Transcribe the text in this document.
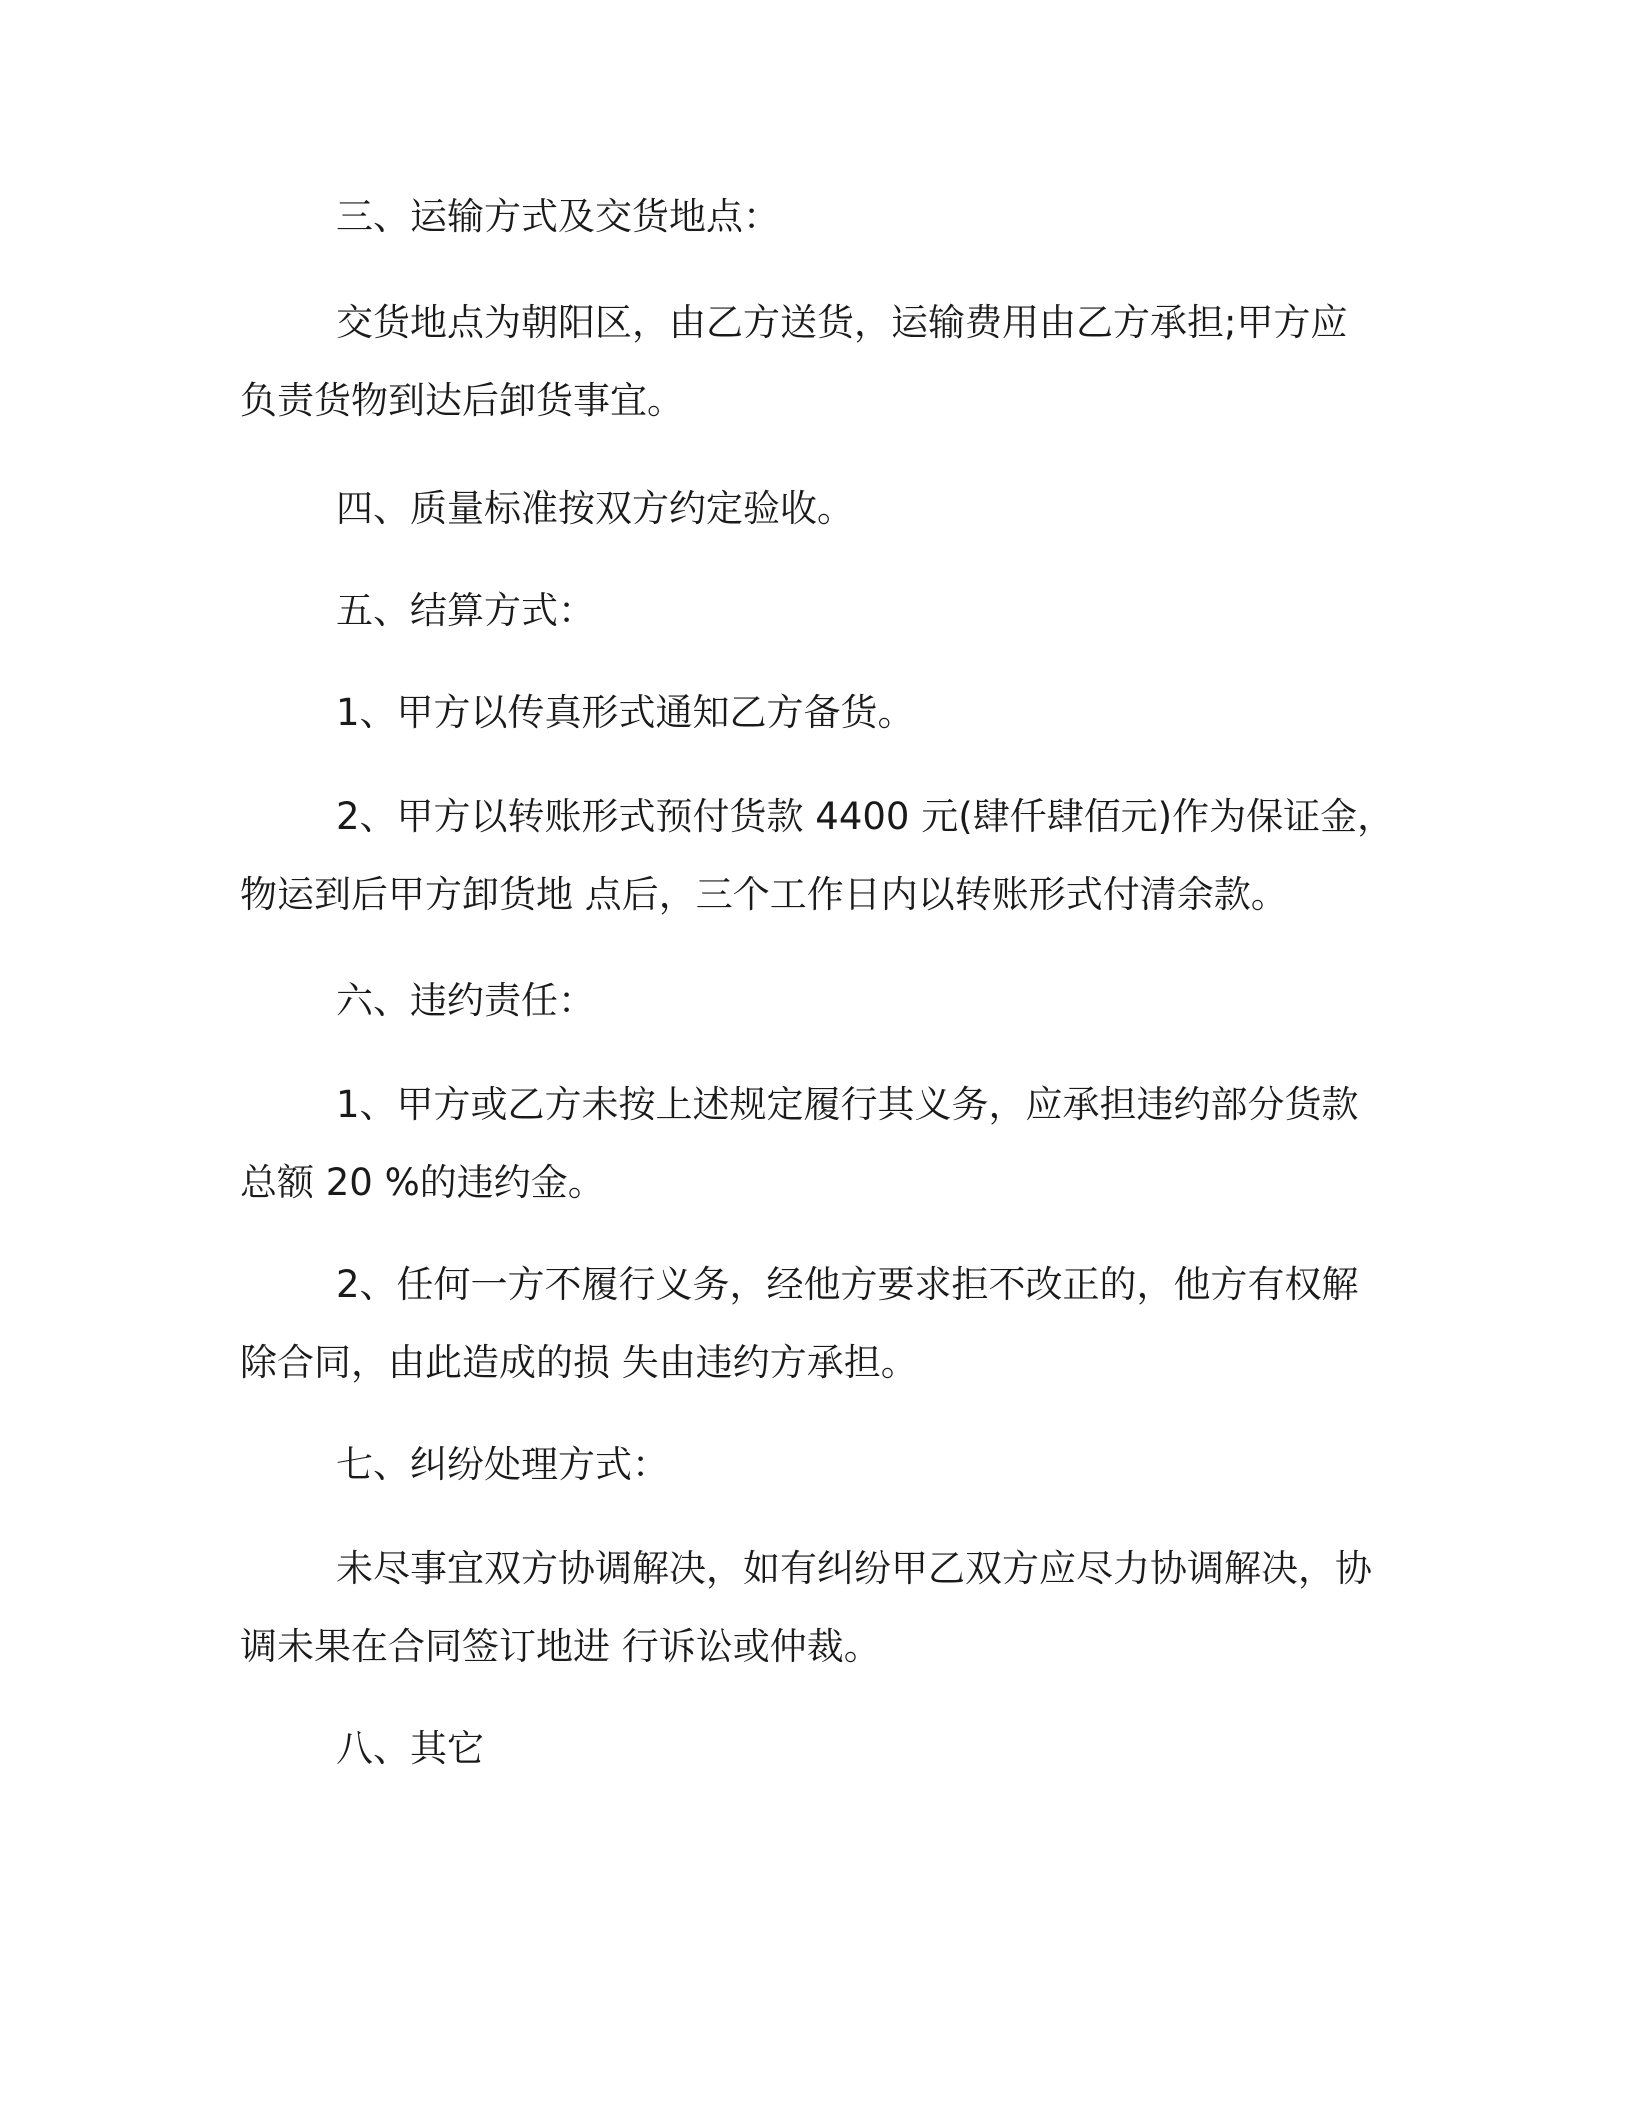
三、运输方式及交货地点：
交货地点为朝阳区，由乙方送货，运输费用由乙方承担;甲方应
负责货物到达后卸货事宜。
四、质量标准按双方约定验收。
五、结算方式：
1、甲方以传真形式通知乙方备货。
2、甲方以转账形式预付货款 4400 元(肆仟肆佰元)作为保证金，
物运到后甲方卸货地 点后，三个工作日内以转账形式付清余款。
六、违约责任：
1、甲方或乙方未按上述规定履行其义务，应承担违约部分货款
总额 20 %的违约金。
2、任何一方不履行义务，经他方要求拒不改正的，他方有权解
除合同，由此造成的损 失由违约方承担。
七、纠纷处理方式：
未尽事宜双方协调解决，如有纠纷甲乙双方应尽力协调解决，协
调未果在合同签订地进 行诉讼或仲裁。
八、其它
